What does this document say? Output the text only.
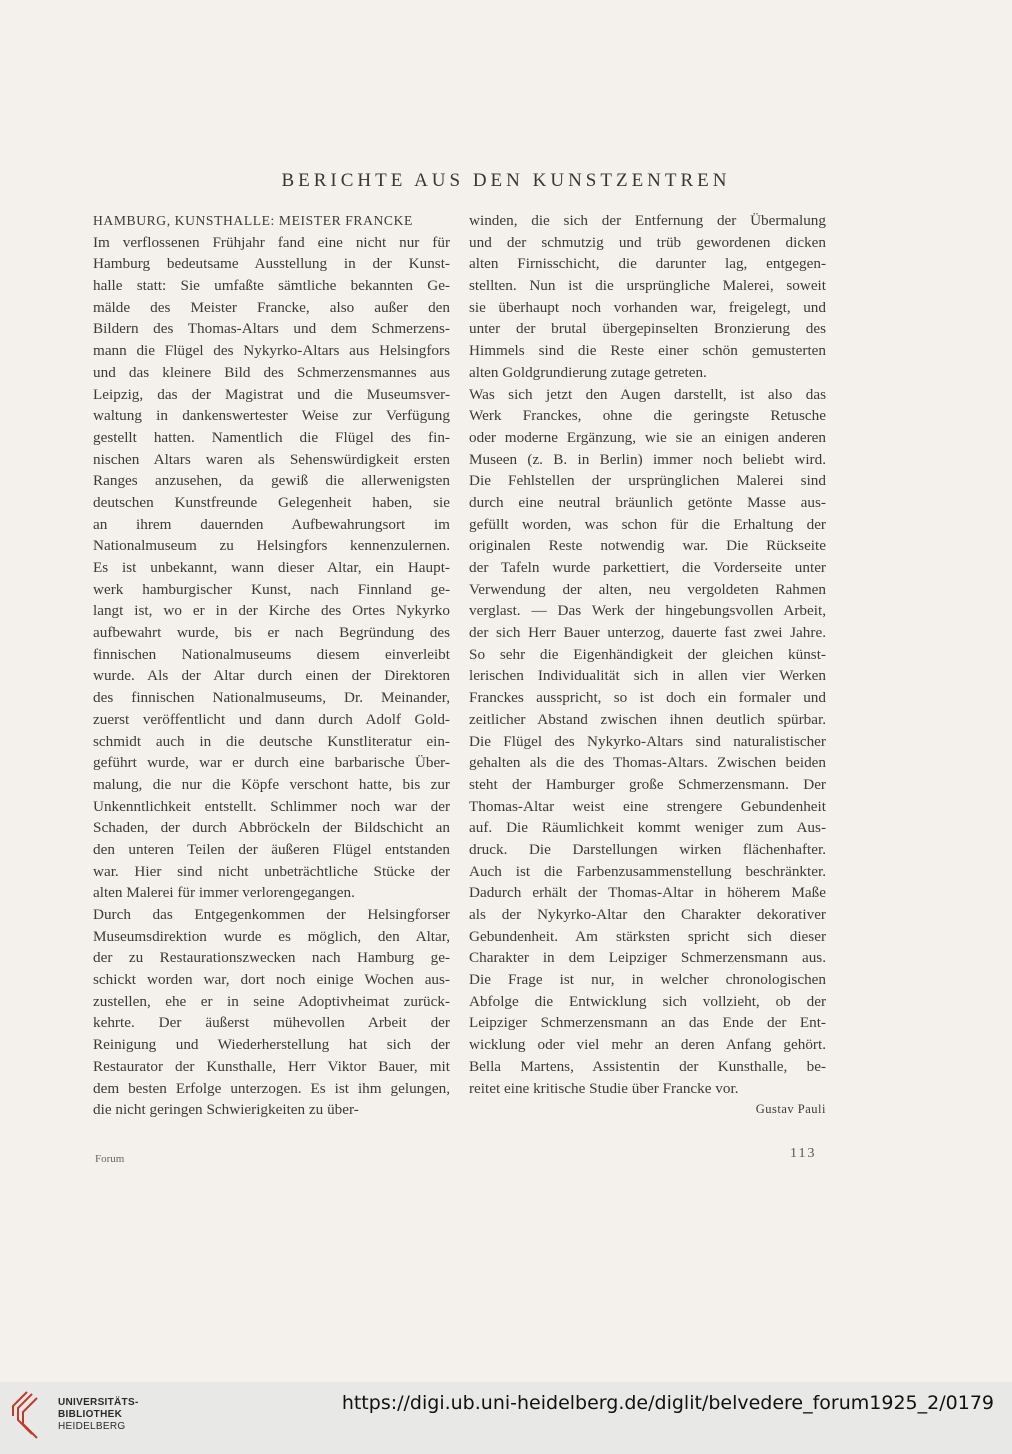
BERICHTE AUS DEN KUNSTZENTREN
HAMBURG, KUNSTHALLE: MEISTER FRANCKE
Im verflossenen Frühjahr fand eine nicht nur für
Hamburg bedeutsame Ausstellung in der Kunst-
halle statt: Sie umfaßte sämtliche bekannten Ge-
mälde des Meister Francke, also außer den
Bildern des Thomas-Altars und dem Schmerzens-
mann die Flügel des Nykyrko-Altars aus Helsingfors
und das kleinere Bild des Schmerzensmannes aus
Leipzig, das der Magistrat und die Museumsver-
waltung in dankenswertester Weise zur Verfügung
gestellt hatten. Namentlich die Flügel des fin-
nischen Altars waren als Sehenswürdigkeit ersten
Ranges anzusehen, da gewiß die allerwenigsten
deutschen Kunstfreunde Gelegenheit haben, sie
an ihrem dauernden Aufbewahrungsort im
Nationalmuseum zu Helsingfors kennenzulernen.
Es ist unbekannt, wann dieser Altar, ein Haupt-
werk hamburgischer Kunst, nach Finnland ge-
langt ist, wo er in der Kirche des Ortes Nykyrko
aufbewahrt wurde, bis er nach Begründung des
finnischen Nationalmuseums diesem einverleibt
wurde. Als der Altar durch einen der Direktoren
des finnischen Nationalmuseums, Dr. Meinander,
zuerst veröffentlicht und dann durch Adolf Gold-
schmidt auch in die deutsche Kunstliteratur ein-
geführt wurde, war er durch eine barbarische Über-
malung, die nur die Köpfe verschont hatte, bis zur
Unkenntlichkeit entstellt. Schlimmer noch war der
Schaden, der durch Abbröckeln der Bildschicht an
den unteren Teilen der äußeren Flügel entstanden
war. Hier sind nicht unbeträchtliche Stücke der
alten Malerei für immer verlorengegangen.
Durch das Entgegenkommen der Helsingforser
Museumsdirektion wurde es möglich, den Altar,
der zu Restaurationszwecken nach Hamburg ge-
schickt worden war, dort noch einige Wochen aus-
zustellen, ehe er in seine Adoptivheimat zurück-
kehrte. Der äußerst mühevollen Arbeit der
Reinigung und Wiederherstellung hat sich der
Restaurator der Kunsthalle, Herr Viktor Bauer, mit
dem besten Erfolge unterzogen. Es ist ihm gelungen,
die nicht geringen Schwierigkeiten zu über-
winden, die sich der Entfernung der Übermalung
und der schmutzig und trüb gewordenen dicken
alten Firnisschicht, die darunter lag, entgegen-
stellten. Nun ist die ursprüngliche Malerei, soweit
sie überhaupt noch vorhanden war, freigelegt, und
unter der brutal übergepinselten Bronzierung des
Himmels sind die Reste einer schön gemusterten
alten Goldgrundierung zutage getreten.
Was sich jetzt den Augen darstellt, ist also das
Werk Franckes, ohne die geringste Retusche
oder moderne Ergänzung, wie sie an einigen anderen
Museen (z. B. in Berlin) immer noch beliebt wird.
Die Fehlstellen der ursprünglichen Malerei sind
durch eine neutral bräunlich getönte Masse aus-
gefüllt worden, was schon für die Erhaltung der
originalen Reste notwendig war. Die Rückseite
der Tafeln wurde parkettiert, die Vorderseite unter
Verwendung der alten, neu vergoldeten Rahmen
verglast. — Das Werk der hingebungsvollen Arbeit,
der sich Herr Bauer unterzog, dauerte fast zwei Jahre.
So sehr die Eigenhändigkeit der gleichen künst-
lerischen Individualität sich in allen vier Werken
Franckes ausspricht, so ist doch ein formaler und
zeitlicher Abstand zwischen ihnen deutlich spürbar.
Die Flügel des Nykyrko-Altars sind naturalistischer
gehalten als die des Thomas-Altars. Zwischen beiden
steht der Hamburger große Schmerzensmann. Der
Thomas-Altar weist eine strengere Gebundenheit
auf. Die Räumlichkeit kommt weniger zum Aus-
druck. Die Darstellungen wirken flächenhafter.
Auch ist die Farbenzusammenstellung beschränkter.
Dadurch erhält der Thomas-Altar in höherem Maße
als der Nykyrko-Altar den Charakter dekorativer
Gebundenheit. Am stärksten spricht sich dieser
Charakter in dem Leipziger Schmerzensmann aus.
Die Frage ist nur, in welcher chronologischen
Abfolge die Entwicklung sich vollzieht, ob der
Leipziger Schmerzensmann an das Ende der Ent-
wicklung oder viel mehr an deren Anfang gehört.
Bella Martens, Assistentin der Kunsthalle, be-
reitet eine kritische Studie über Francke vor.
Gustav Pauli
Forum	113
UNIVERSITÄTS-
BIBLIOTHEK
HEIDELBERG
https://digi.ub.uni-heidelberg.de/diglit/belvedere_forum1925_2/0179
